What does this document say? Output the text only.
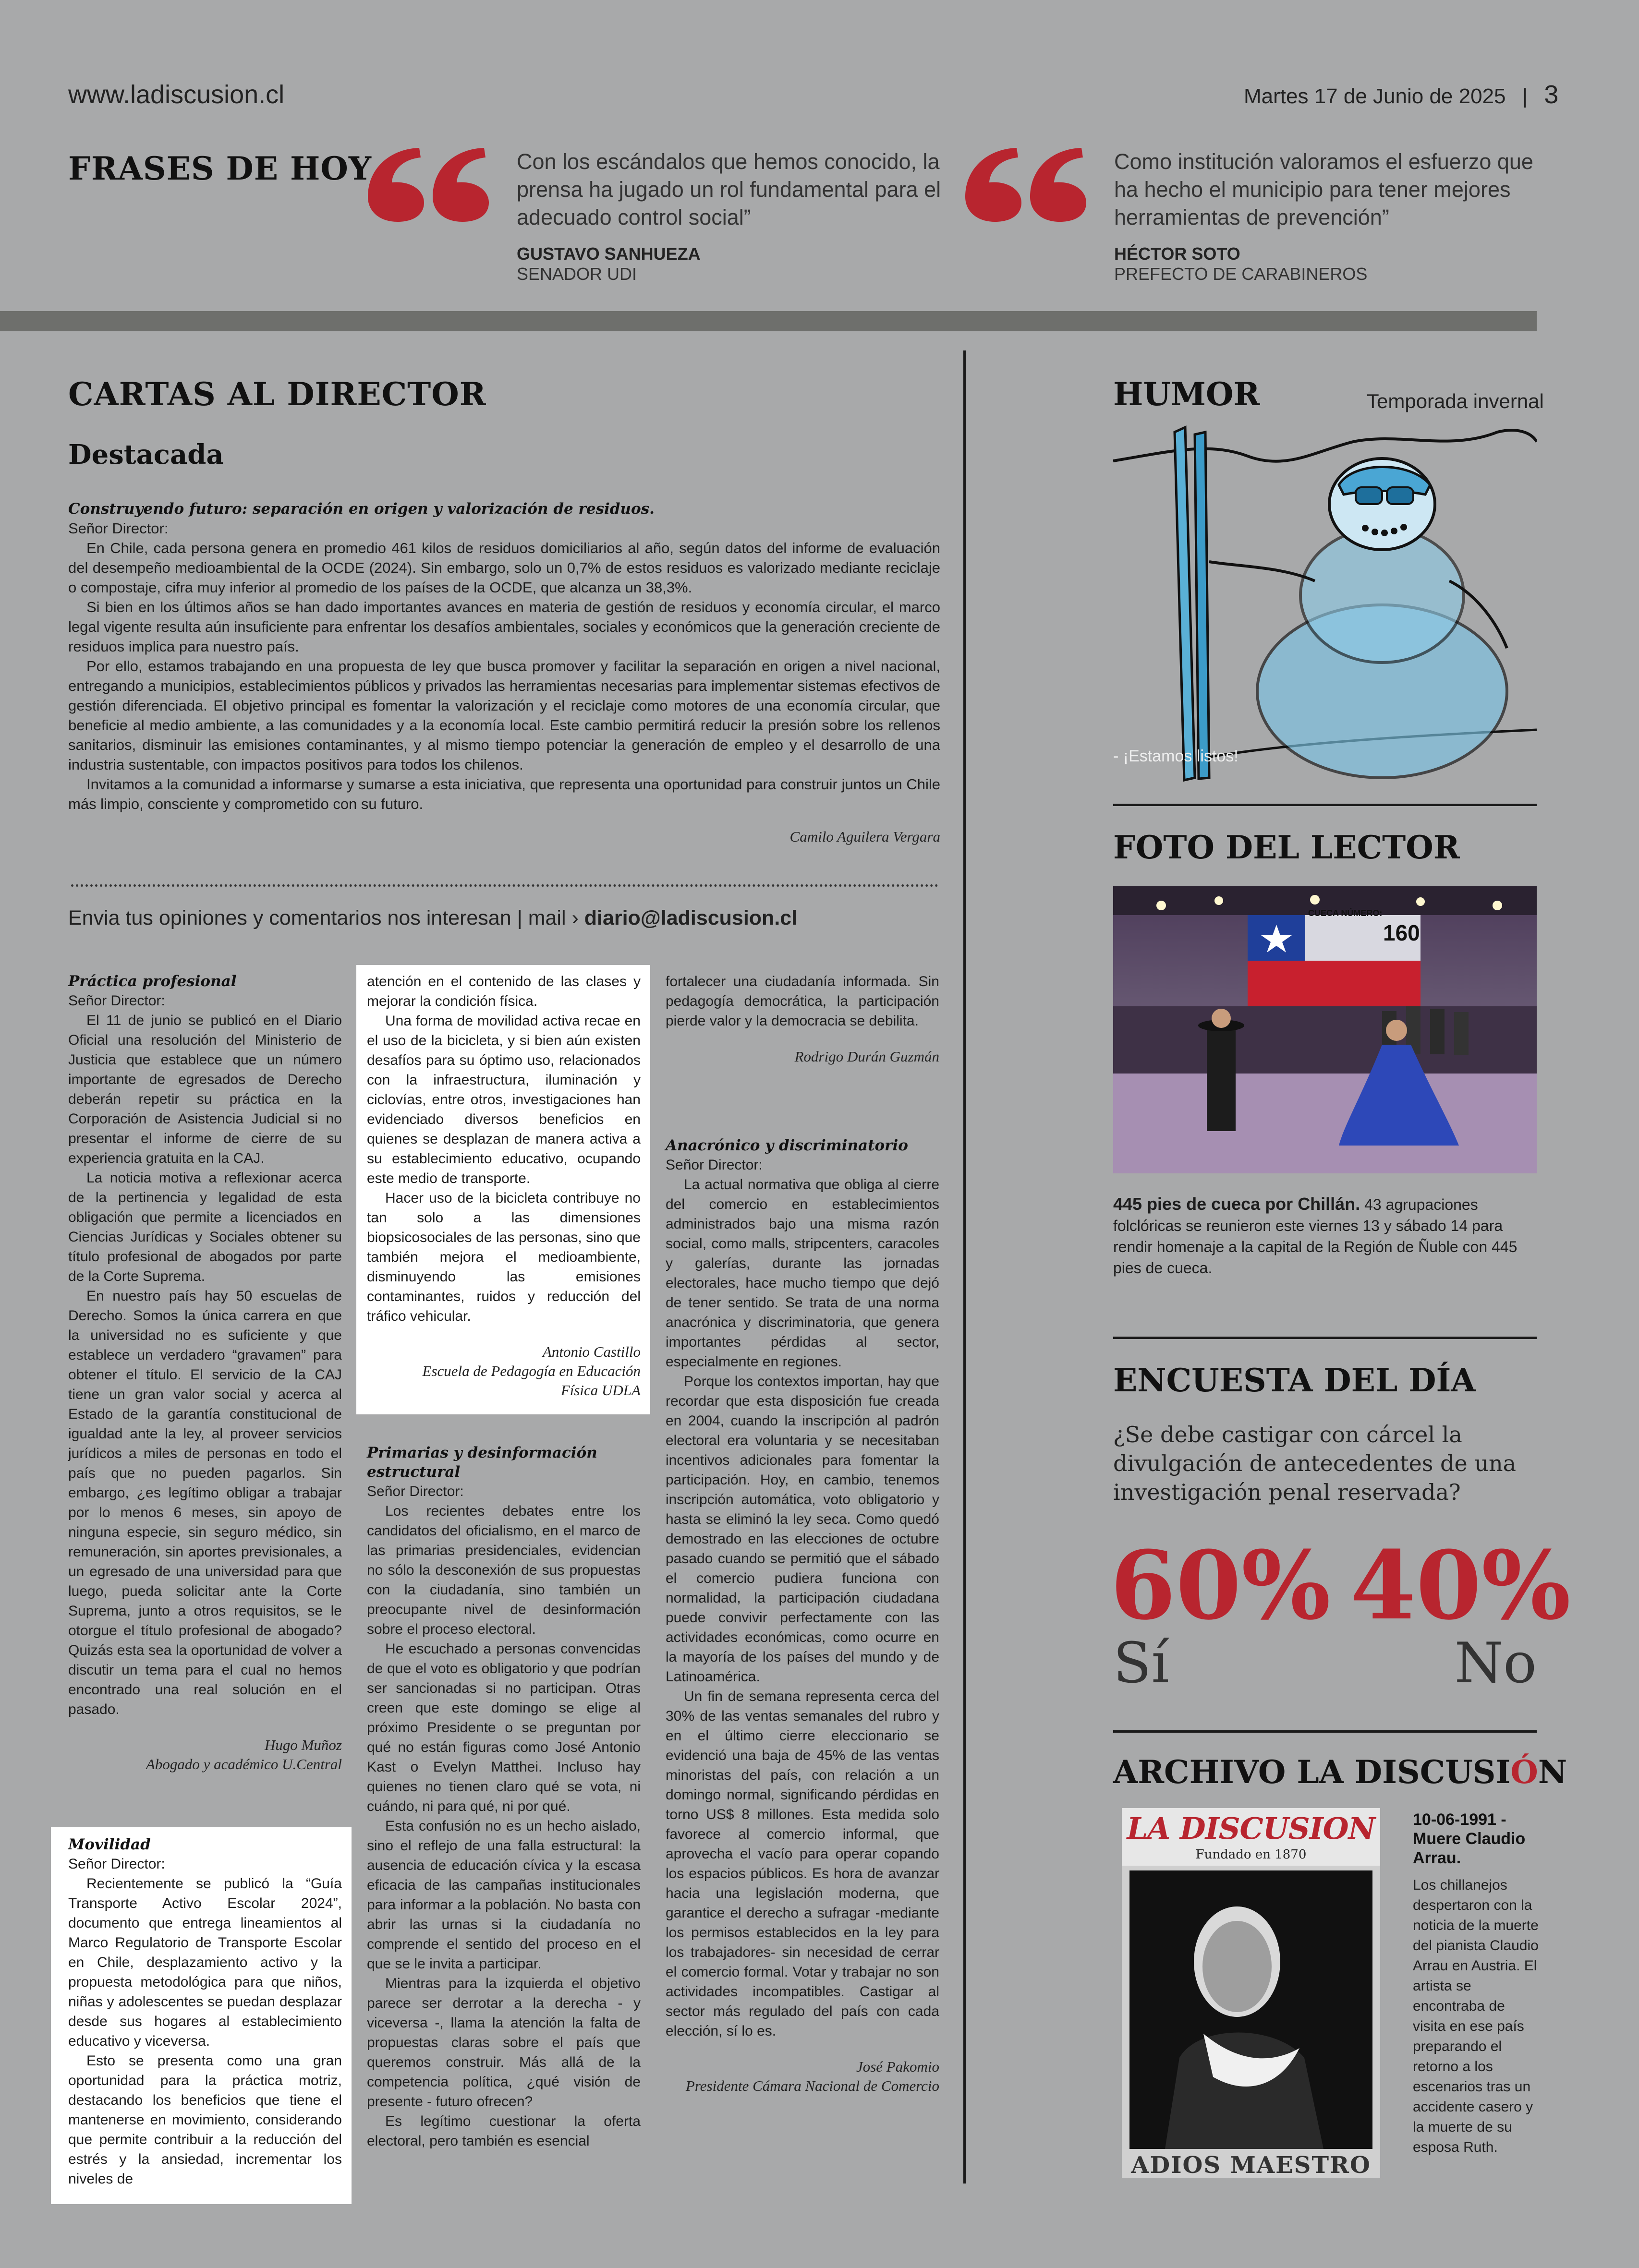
www.ladiscusion.cl	Martes 17 de Junio de 2025 | 3
FRASES DE HOY	Con los escándalos que hemos conocido, la prensa ha jugado un rol fundamental para el adecuado control social”
GUSTAVO SANHUEZA
SENADOR UDI
Como institución valoramos el esfuerzo que ha hecho el municipio para tener mejores herramientas de prevención”
HÉCTOR SOTO
PREFECTO DE CARABINEROS
CARTAS AL DIRECTOR
Destacada
Construyendo futuro: separación en origen y valorización de residuos.
Señor Director:

En Chile, cada persona genera en promedio 461 kilos de residuos domiciliarios al año, según datos del informe de evaluación del desempeño medioambiental de la OCDE (2024). Sin embargo, solo un 0,7% de estos residuos es valorizado mediante reciclaje o compostaje, cifra muy inferior al promedio de los países de la OCDE, que alcanza un 38,3%.

Si bien en los últimos años se han dado importantes avances en materia de gestión de residuos y economía circular, el marco legal vigente resulta aún insuficiente para enfrentar los desafíos ambientales, sociales y económicos que la generación creciente de residuos implica para nuestro país.

Por ello, estamos trabajando en una propuesta de ley que busca promover y facilitar la separación en origen a nivel nacional, entregando a municipios, establecimientos públicos y privados las herramientas necesarias para implementar sistemas efectivos de gestión diferenciada. El objetivo principal es fomentar la valorización y el reciclaje como motores de una economía circular, que beneficie al medio ambiente, a las comunidades y a la economía local. Este cambio permitirá reducir la presión sobre los rellenos sanitarios, disminuir las emisiones contaminantes, y al mismo tiempo potenciar la generación de empleo y el desarrollo de una industria sustentable, con impactos positivos para todos los chilenos.

Invitamos a la comunidad a informarse y sumarse a esta iniciativa, que representa una oportunidad para construir juntos un Chile más limpio, consciente y comprometido con su futuro.

Camilo Aguilera Vergara
Envia tus opiniones y comentarios nos interesan | mail › diario@ladiscusion.cl
Práctica profesional
Señor Director:

El 11 de junio se publicó en el Diario Oficial una resolución del Ministerio de Justicia que establece que un número importante de egresados de Derecho deberán repetir su práctica en la Corporación de Asistencia Judicial si no presentar el informe de cierre de su experiencia gratuita en la CAJ.

La noticia motiva a reflexionar acerca de la pertinencia y legalidad de esta obligación que permite a licenciados en Ciencias Jurídicas y Sociales obtener su título profesional de abogados por parte de la Corte Suprema.

En nuestro país hay 50 escuelas de Derecho. Somos la única carrera en que la universidad no es suficiente y que establece un verdadero “gravamen” para obtener el título. El servicio de la CAJ tiene un gran valor social y acerca al Estado de la garantía constitucional de igualdad ante la ley, al proveer servicios jurídicos a miles de personas en todo el país que no pueden pagarlos. Sin embargo, ¿es legítimo obligar a trabajar por lo menos 6 meses, sin apoyo de ninguna especie, sin seguro médico, sin remuneración, sin aportes previsionales, a un egresado de una universidad para que luego, pueda solicitar ante la Corte Suprema, junto a otros requisitos, se le otorgue el título profesional de abogado? Quizás esta sea la oportunidad de volver a discutir un tema para el cual no hemos encontrado una real solución en el pasado.

Hugo Muñoz
Abogado y académico U.Central
Movilidad
Señor Director:

Recientemente se publicó la “Guía Transporte Activo Escolar 2024”, documento que entrega lineamientos al Marco Regulatorio de Transporte Escolar en Chile, desplazamiento activo y la propuesta metodológica para que niños, niñas y adolescentes se puedan desplazar desde sus hogares al establecimiento educativo y viceversa.

Esto se presenta como una gran oportunidad para la práctica motriz, destacando los beneficios que tiene el mantenerse en movimiento, considerando que permite contribuir a la reducción del estrés y la ansiedad, incrementar los niveles de

atención en el contenido de las clases y mejorar la condición física.

Una forma de movilidad activa recae en el uso de la bicicleta, y si bien aún existen desafíos para su óptimo uso, relacionados con la infraestructura, iluminación y ciclovías, entre otros, investigaciones han evidenciado diversos beneficios en quienes se desplazan de manera activa a su establecimiento educativo, ocupando este medio de transporte.

Hacer uso de la bicicleta contribuye no tan solo a las dimensiones biopsicosociales de las personas, sino que también mejora el medioambiente, disminuyendo las emisiones contaminantes, ruidos y reducción del tráfico vehicular.

Antonio Castillo
Escuela de Pedagogía en Educación Física UDLA
Primarias y desinformación estructural
Señor Director:

Los recientes debates entre los candidatos del oficialismo, en el marco de las primarias presidenciales, evidencian no sólo la desconexión de sus propuestas con la ciudadanía, sino también un preocupante nivel de desinformación sobre el proceso electoral.

He escuchado a personas convencidas de que el voto es obligatorio y que podrían ser sancionadas si no participan. Otras creen que este domingo se elige al próximo Presidente o se preguntan por qué no están figuras como José Antonio Kast o Evelyn Matthei. Incluso hay quienes no tienen claro qué se vota, ni cuándo, ni para qué, ni por qué.

Esta confusión no es un hecho aislado, sino el reflejo de una falla estructural: la ausencia de educación cívica y la escasa eficacia de las campañas institucionales para informar a la población. No basta con abrir las urnas si la ciudadanía no comprende el sentido del proceso en el que se le invita a participar.

Mientras para la izquierda el objetivo parece ser derrotar a la derecha - y viceversa -, llama la atención la falta de propuestas claras sobre el país que queremos construir. Más allá de la competencia política, ¿qué visión de presente - futuro ofrecen?

Es legítimo cuestionar la oferta electoral, pero también es esencial

fortalecer una ciudadanía informada. Sin pedagogía democrática, la participación pierde valor y la democracia se debilita.
Rodrigo Durán Guzmán
Anacrónico y discriminatorio
Señor Director:

La actual normativa que obliga al cierre del comercio en establecimientos administrados bajo una misma razón social, como malls, stripcenters, caracoles y galerías, durante las jornadas electorales, hace mucho tiempo que dejó de tener sentido. Se trata de una norma anacrónica y discriminatoria, que genera importantes pérdidas al sector, especialmente en regiones.

Porque los contextos importan, hay que recordar que esta disposición fue creada en 2004, cuando la inscripción al padrón electoral era voluntaria y se necesitaban incentivos adicionales para fomentar la participación. Hoy, en cambio, tenemos inscripción automática, voto obligatorio y hasta se eliminó la ley seca. Como quedó demostrado en las elecciones de octubre pasado cuando se permitió que el sábado el comercio pudiera funciona con normalidad, la participación ciudadana puede convivir perfectamente con las actividades económicas, como ocurre en la mayoría de los países del mundo y de Latinoamérica.

Un fin de semana representa cerca del 30% de las ventas semanales del rubro y en el último cierre eleccionario se evidenció una baja de 45% de las ventas minoristas del país, con relación a un domingo normal, significando pérdidas en torno US$ 8 millones. Esta medida solo favorece al comercio informal, que aprovecha el vacío para operar copando los espacios públicos. Es hora de avanzar hacia una legislación moderna, que garantice el derecho a sufragar -mediante los permisos establecidos en la ley para los trabajadores- sin necesidad de cerrar el comercio formal. Votar y trabajar no son actividades incompatibles. Castigar al sector más regulado del país con cada elección, sí lo es.

José Pakomio
Presidente Cámara Nacional de Comercio
HUMOR	Temporada invernal
- ¡Estamos listos!
FOTO DEL LECTOR
CUECA NÚMERO:
160
445 pies de cueca por Chillán. 43 agrupaciones folclóricas se reunieron este viernes 13 y sábado 14 para rendir homenaje a la capital de la Región de Ñuble con 445 pies de cueca.
ENCUESTA DEL DÍA
¿Se debe castigar con cárcel la divulgación de antecedentes de una investigación penal reservada?
60%
Sí
40%
No
ARCHIVO LA DISCUSIÓN
LA DISCUSION
Fundado en 1870
ADIOS MAESTRO
10-06-1991 - Muere Claudio Arrau.
Los chillanejos despertaron con la noticia de la muerte del pianista Claudio Arrau en Austria. El artista se encontraba de visita en ese país preparando el retorno a los escenarios tras un accidente casero y la muerte de su esposa Ruth.
